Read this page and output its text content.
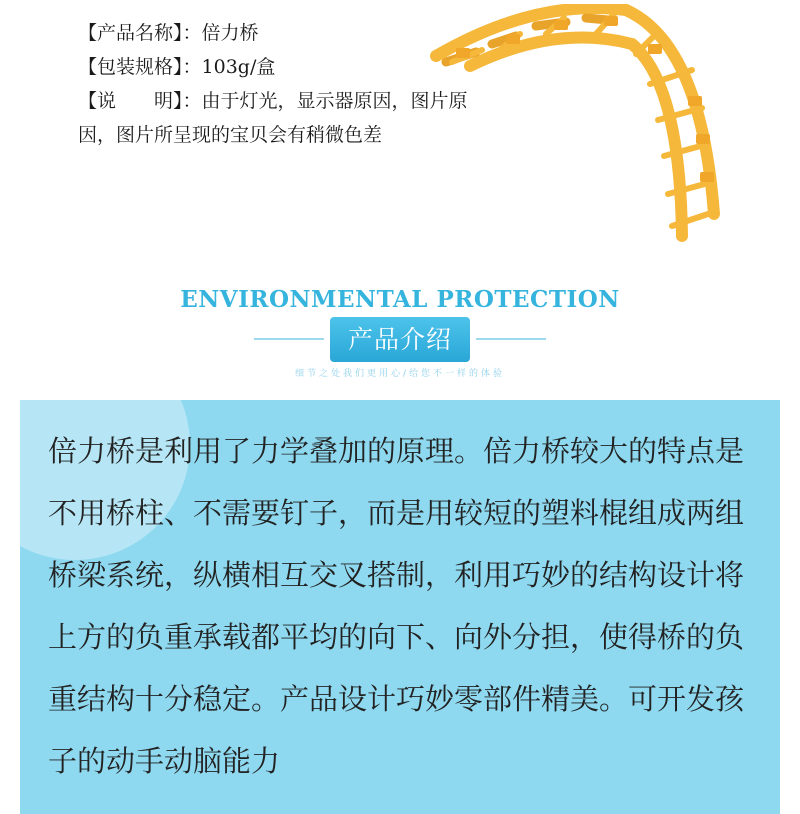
【产品名称】：倍力桥
【包装规格】：103g/盒
【说　　明】：由于灯光，显示器原因，图片原因，图片所呈现的宝贝会有稍微色差
ENVIRONMENTAL PROTECTION
产品介绍
细节之处我们更用心/给您不一样的体验
倍力桥是利用了力学叠加的原理。倍力桥较大的特点是不用桥柱、不需要钉子，而是用较短的塑料棍组成两组桥梁系统，纵横相互交叉搭制，利用巧妙的结构设计将上方的负重承载都平均的向下、向外分担，使得桥的负重结构十分稳定。产品设计巧妙零部件精美。可开发孩子的动手动脑能力
